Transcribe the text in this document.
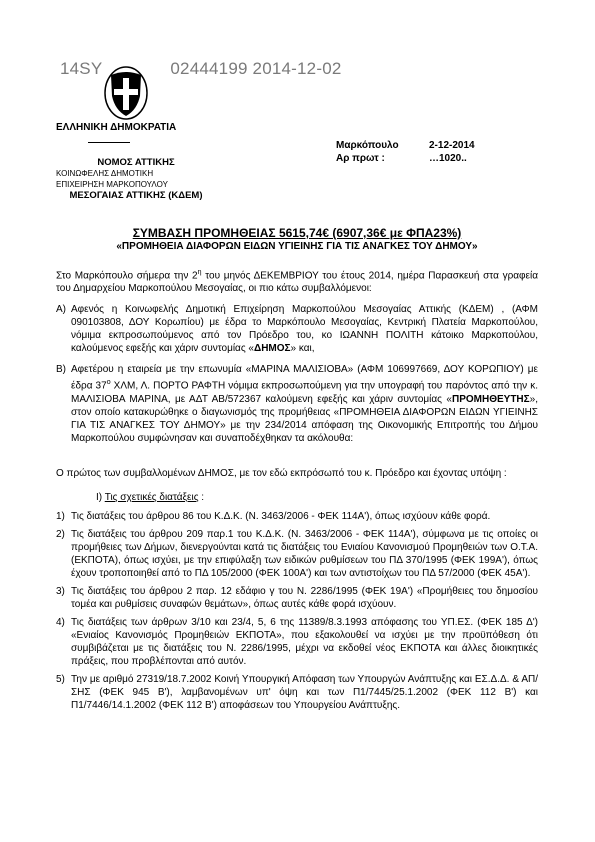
14SY	02444199 2014-12-02
ΕΛΛΗΝΙΚΗ ΔΗΜΟΚΡΑΤΙΑ
ΝΟΜΟΣ ΑΤΤΙΚΗΣ
ΚΟΙΝΩΦΕΛΗΣ ΔΗΜΟΤΙΚΗ
ΕΠΙΧΕΙΡΗΣΗ ΜΑΡΚΟΠΟΥΛΟΥ
ΜΕΣΟΓΑΙΑΣ ΑΤΤΙΚΗΣ (ΚΔΕΜ)
Μαρκόπουλο	2-12-2014
Αρ πρωτ :	…1020..
ΣΥΜΒΑΣΗ ΠΡΟΜΗΘΕΙΑΣ 5615,74€ (6907,36€ με ΦΠΑ23%)
«ΠΡΟΜΗΘΕΙΑ ΔΙΑΦΟΡΩΝ ΕΙΔΩΝ ΥΓΙΕΙΝΗΣ ΓΙΑ ΤΙΣ ΑΝΑΓΚΕΣ ΤΟΥ ΔΗΜΟΥ»

Στο Μαρκόπουλο σήμερα την $2^\eta$ του μηνός ΔΕΚΕΜΒΡΙΟΥ του έτους 2014, ημέρα Παρασκευή στα γραφεία του Δημαρχείου Μαρκοπούλου Μεσογαίας, οι πιο κάτω συμβαλλόμενοι:

Α) Αφενός η Κοινωφελής Δημοτική Επιχείρηση Μαρκοπούλου Μεσογαίας Αττικής (ΚΔΕΜ) , (ΑΦΜ 090103808, ΔΟΥ Κορωπίου) με έδρα το Μαρκόπουλο Μεσογαίας, Κεντρική Πλατεία Μαρκοπούλου, νόμιμα εκπροσωπούμενος από τον Πρόεδρο του, κο ΙΩΑΝΝΗ ΠΟΛΙΤΗ κάτοικο Μαρκοπούλου, καλούμενος εφεξής και χάριν συντομίας «ΔΗΜΟΣ» και,
Β) Αφετέρου η εταιρεία με την επωνυμία «ΜΑΡΙΝΑ ΜΑΛΙΣΙΟΒΑ» (ΑΦΜ 106997669, ΔΟΥ ΚΟΡΩΠΙΟΥ) με έδρα $37^o$ ΧΛΜ, Λ. ΠΟΡΤΟ ΡΑΦΤΗ νόμιμα εκπροσωπούμενη για την υπογραφή του παρόντος από την κ. ΜΑΛΙΣΙΟΒΑ ΜΑΡΙΝΑ, με ΑΔΤ ΑΒ/572367 καλούμενη εφεξής και χάριν συντομίας «ΠΡΟΜΗΘΕΥΤΗΣ», στον οποίο κατακυρώθηκε ο διαγωνισμός της προμήθειας «ΠΡΟΜΗΘΕΙΑ ΔΙΑΦΟΡΩΝ ΕΙΔΩΝ ΥΓΙΕΙΝΗΣ ΓΙΑ ΤΙΣ ΑΝΑΓΚΕΣ ΤΟΥ ΔΗΜΟΥ» με την 234/2014 απόφαση της Οικονομικής Επιτροπής του Δήμου Μαρκοπούλου συμφώνησαν και συναποδέχθηκαν τα ακόλουθα:

Ο πρώτος των συμβαλλομένων ΔΗΜΟΣ, με τον εδώ εκπρόσωπό του κ. Πρόεδρο και έχοντας υπόψη :

Ι) Τις σχετικές διατάξεις :
1) Τις διατάξεις του άρθρου 86 του Κ.Δ.Κ. (Ν. 3463/2006 - ΦΕΚ 114Α'), όπως ισχύουν κάθε φορά.
2) Τις διατάξεις του άρθρου 209 παρ.1 του Κ.Δ.Κ. (Ν. 3463/2006 - ΦΕΚ 114Α'), σύμφωνα με τις οποίες οι προμήθειες των Δήμων, διενεργούνται κατά τις διατάξεις του Ενιαίου Κανονισμού Προμηθειών των Ο.Τ.Α. (ΕΚΠΟΤΑ), όπως ισχύει, με την επιφύλαξη των ειδικών ρυθμίσεων του ΠΔ 370/1995 (ΦΕΚ 199Α'), όπως έχουν τροποποιηθεί από το ΠΔ 105/2000 (ΦΕΚ 100Α') και των αντιστοίχων του ΠΔ 57/2000 (ΦΕΚ 45Α').
3) Τις διατάξεις του άρθρου 2 παρ. 12 εδάφιο γ του Ν. 2286/1995 (ΦΕΚ 19Α') «Προμήθειες του δημοσίου τομέα και ρυθμίσεις συναφών θεμάτων», όπως αυτές κάθε φορά ισχύουν.
4) Τις διατάξεις των άρθρων 3/10 και 23/4, 5, 6 της 11389/8.3.1993 απόφασης του ΥΠ.ΕΣ. (ΦΕΚ 185 Δ') «Ενιαίος Κανονισμός Προμηθειών ΕΚΠΟΤΑ», που εξακολουθεί να ισχύει με την προϋπόθεση ότι συμβιβάζεται με τις διατάξεις του Ν. 2286/1995, μέχρι να εκδοθεί νέος ΕΚΠΟΤΑ και άλλες διοικητικές πράξεις, που προβλέπονται από αυτόν.
5) Την με αριθμό 27319/18.7.2002 Κοινή Υπουργική Απόφαση των Υπουργών Ανάπτυξης και ΕΣ.Δ.Δ. & ΑΠ/ΣΗΣ (ΦΕΚ 945 Β'), λαμβανομένων υπ' όψη και των Π1/7445/25.1.2002 (ΦΕΚ 112 Β') και Π1/7446/14.1.2002 (ΦΕΚ 112 Β') αποφάσεων του Υπουργείου Ανάπτυξης.
